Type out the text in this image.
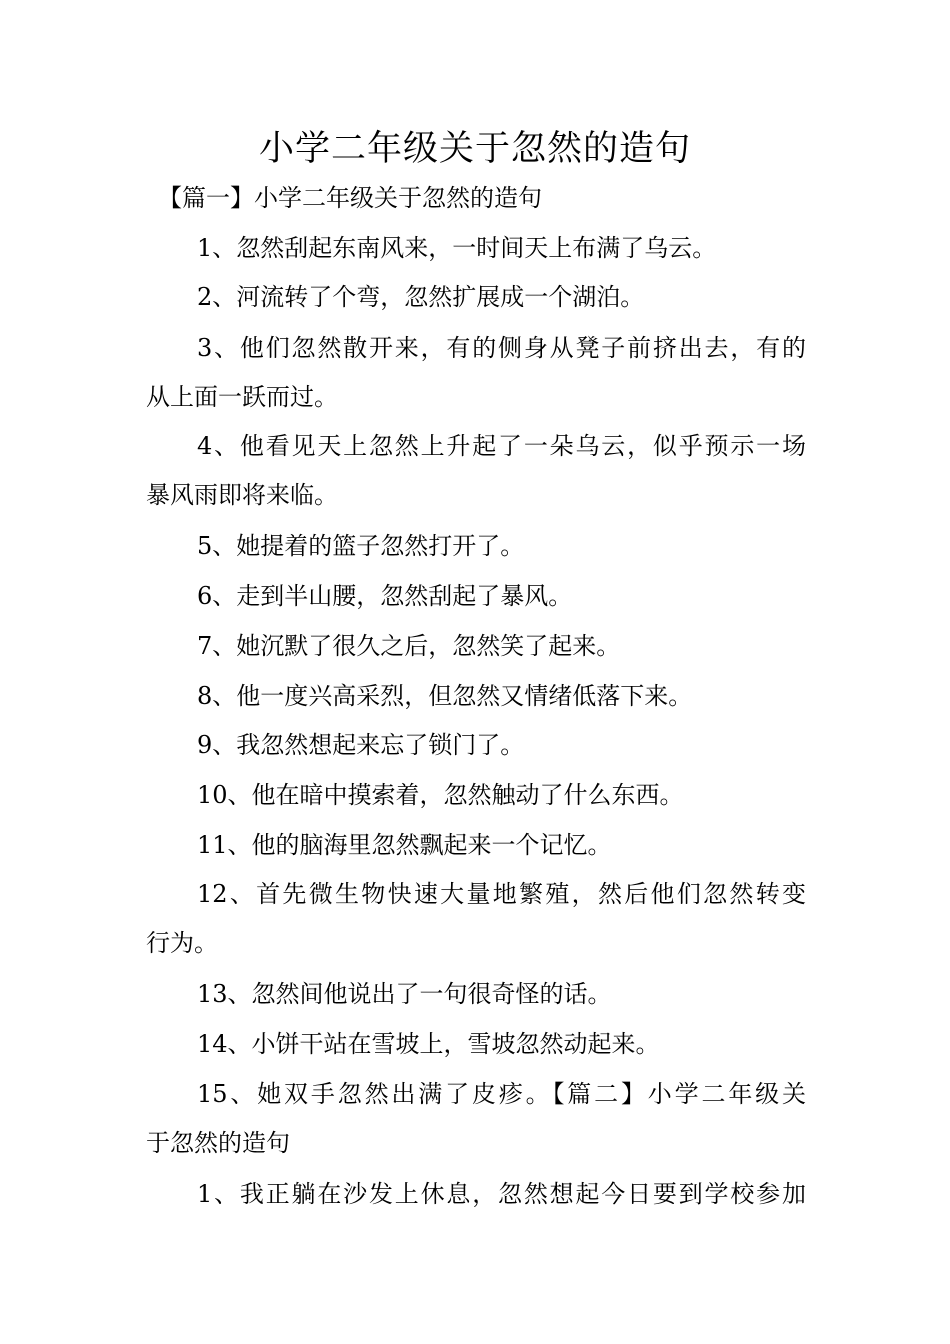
小学二年级关于忽然的造句
【篇一】小学二年级关于忽然的造句
1、忽然刮起东南风来，一时间天上布满了乌云。
2、河流转了个弯，忽然扩展成一个湖泊。
3、他们忽然散开来，有的侧身从凳子前挤出去，有的
从上面一跃而过。
4、他看见天上忽然上升起了一朵乌云，似乎预示一场
暴风雨即将来临。
5、她提着的篮子忽然打开了。
6、走到半山腰，忽然刮起了暴风。
7、她沉默了很久之后，忽然笑了起来。
8、他一度兴高采烈，但忽然又情绪低落下来。
9、我忽然想起来忘了锁门了。
10、他在暗中摸索着，忽然触动了什么东西。
11、他的脑海里忽然飘起来一个记忆。
12、首先微生物快速大量地繁殖，然后他们忽然转变
行为。
13、忽然间他说出了一句很奇怪的话。
14、小饼干站在雪坡上，雪坡忽然动起来。
15、她双手忽然出满了皮疹。【篇二】小学二年级关
于忽然的造句
1、我正躺在沙发上休息，忽然想起今日要到学校参加
